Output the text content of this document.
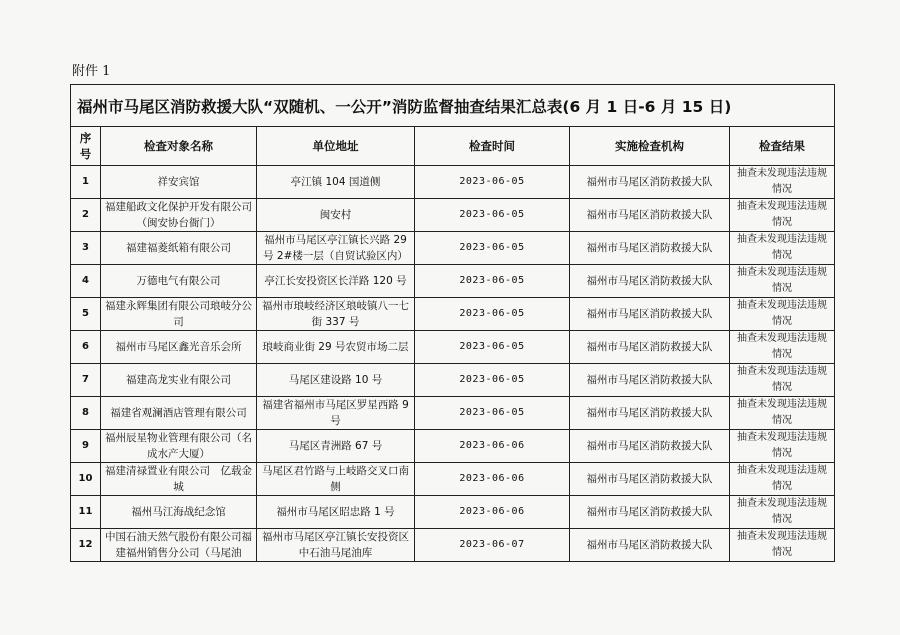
附件 1
福州市马尾区消防救援大队“双随机、一公开”消防监督抽查结果汇总表(6 月 1 日-6 月 15 日)					
序
号	检查对象名称	单位地址	检查时间	实施检查机构	检查结果
1	祥安宾馆	亭江镇 104 国道侧	2023-06-05	福州市马尾区消防救援大队	抽查未发现违法违规情况
2	福建船政文化保护开发有限公司（闽安协台衙门）	闽安村	2023-06-05	福州市马尾区消防救援大队	抽查未发现违法违规情况
3	福建福菱纸箱有限公司	福州市马尾区亭江镇长兴路 29 号 2#楼一层（自贸试验区内）	2023-06-05	福州市马尾区消防救援大队	抽查未发现违法违规情况
4	万德电气有限公司	亭江长安投资区长洋路 120 号	2023-06-05	福州市马尾区消防救援大队	抽查未发现违法违规情况
5	福建永辉集团有限公司琅岐分公司	福州市琅岐经济区琅岐镇八一七街 337 号	2023-06-05	福州市马尾区消防救援大队	抽查未发现违法违规情况
6	福州市马尾区鑫光音乐会所	琅岐商业街 29 号农贸市场二层	2023-06-05	福州市马尾区消防救援大队	抽查未发现违法违规情况
7	福建高龙实业有限公司	马尾区建设路 10 号	2023-06-05	福州市马尾区消防救援大队	抽查未发现违法违规情况
8	福建省观澜酒店管理有限公司	福建省福州市马尾区罗星西路 9 号	2023-06-05	福州市马尾区消防救援大队	抽查未发现违法违规情况
9	福州辰星物业管理有限公司（名成水产大厦）	马尾区青洲路 67 号	2023-06-06	福州市马尾区消防救援大队	抽查未发现违法违规情况
10	福建清禄置业有限公司　亿载金城	马尾区君竹路与上岐路交叉口南侧	2023-06-06	福州市马尾区消防救援大队	抽查未发现违法违规情况
11	福州马江海战纪念馆	福州市马尾区昭忠路 1 号	2023-06-06	福州市马尾区消防救援大队	抽查未发现违法违规情况
12	中国石油天然气股份有限公司福建福州销售分公司（马尾油	福州市马尾区亭江镇长安投资区中石油马尾油库	2023-06-07	福州市马尾区消防救援大队	抽查未发现违法违规情况
